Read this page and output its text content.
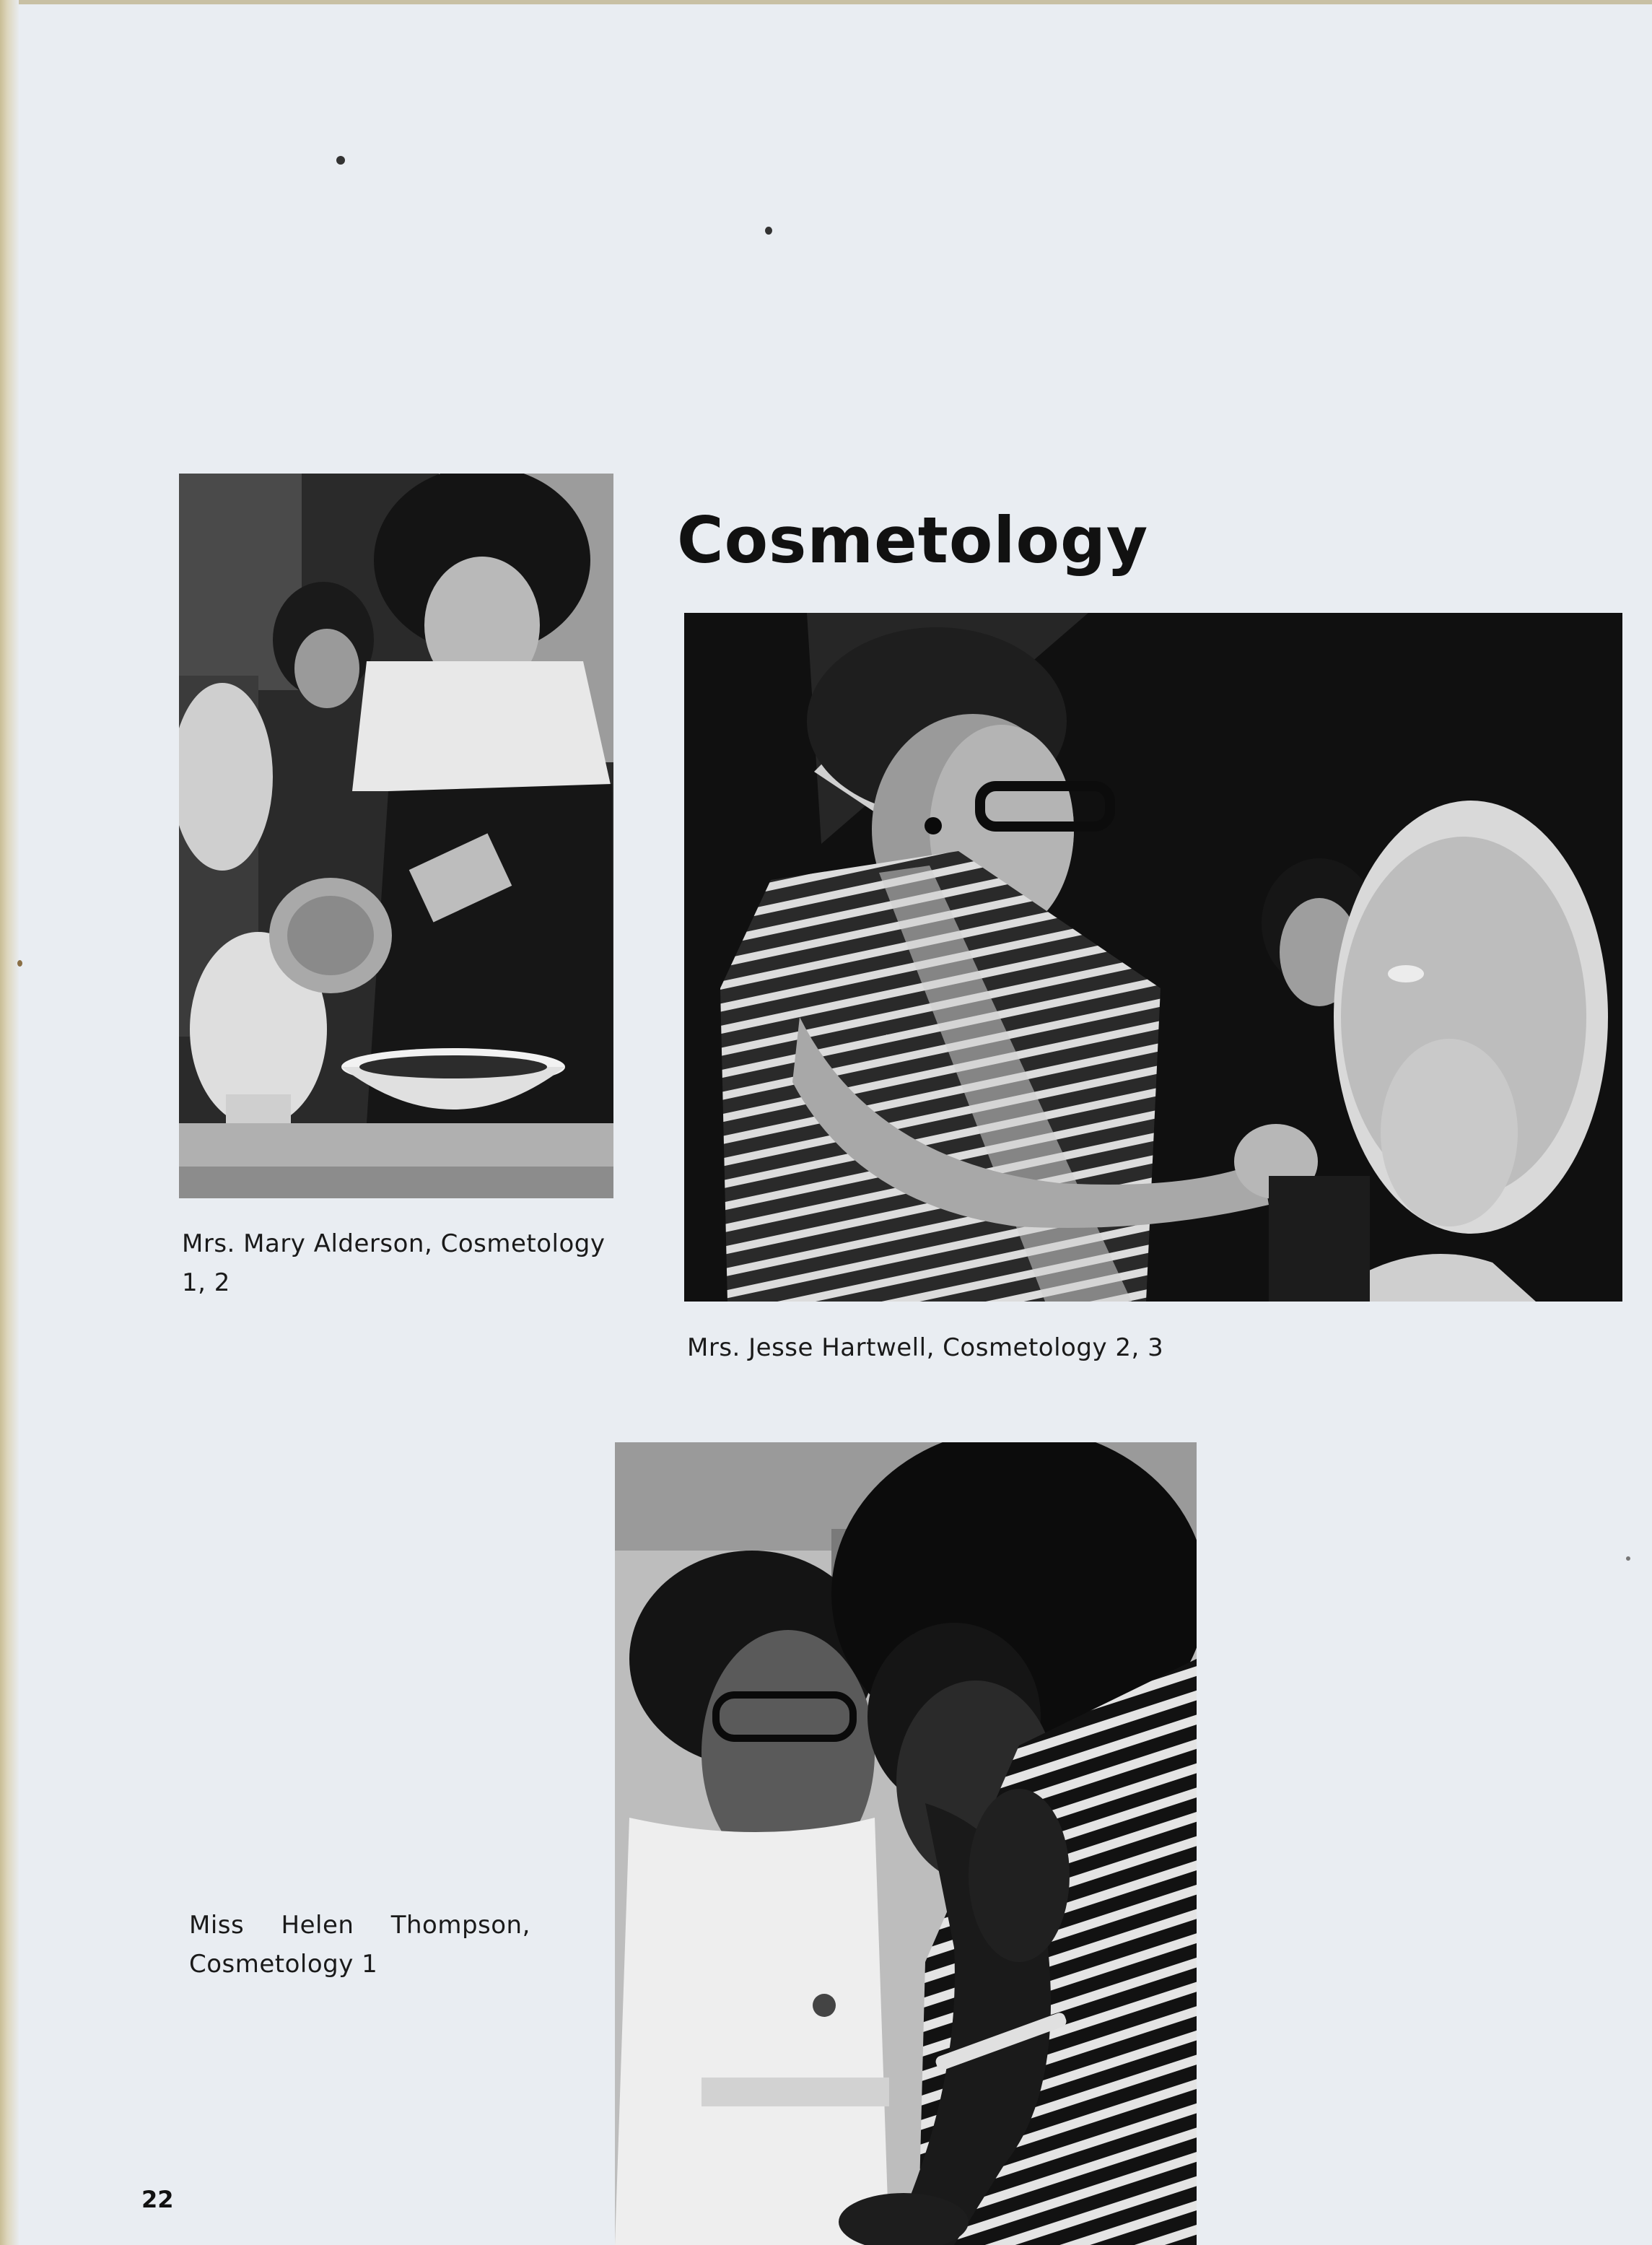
Cosmetology
Mrs. Mary Alderson, Cosmetology 1, 2
Mrs. Jesse Hartwell, Cosmetology 2, 3
Miss Helen Thompson,
Cosmetology 1
22
